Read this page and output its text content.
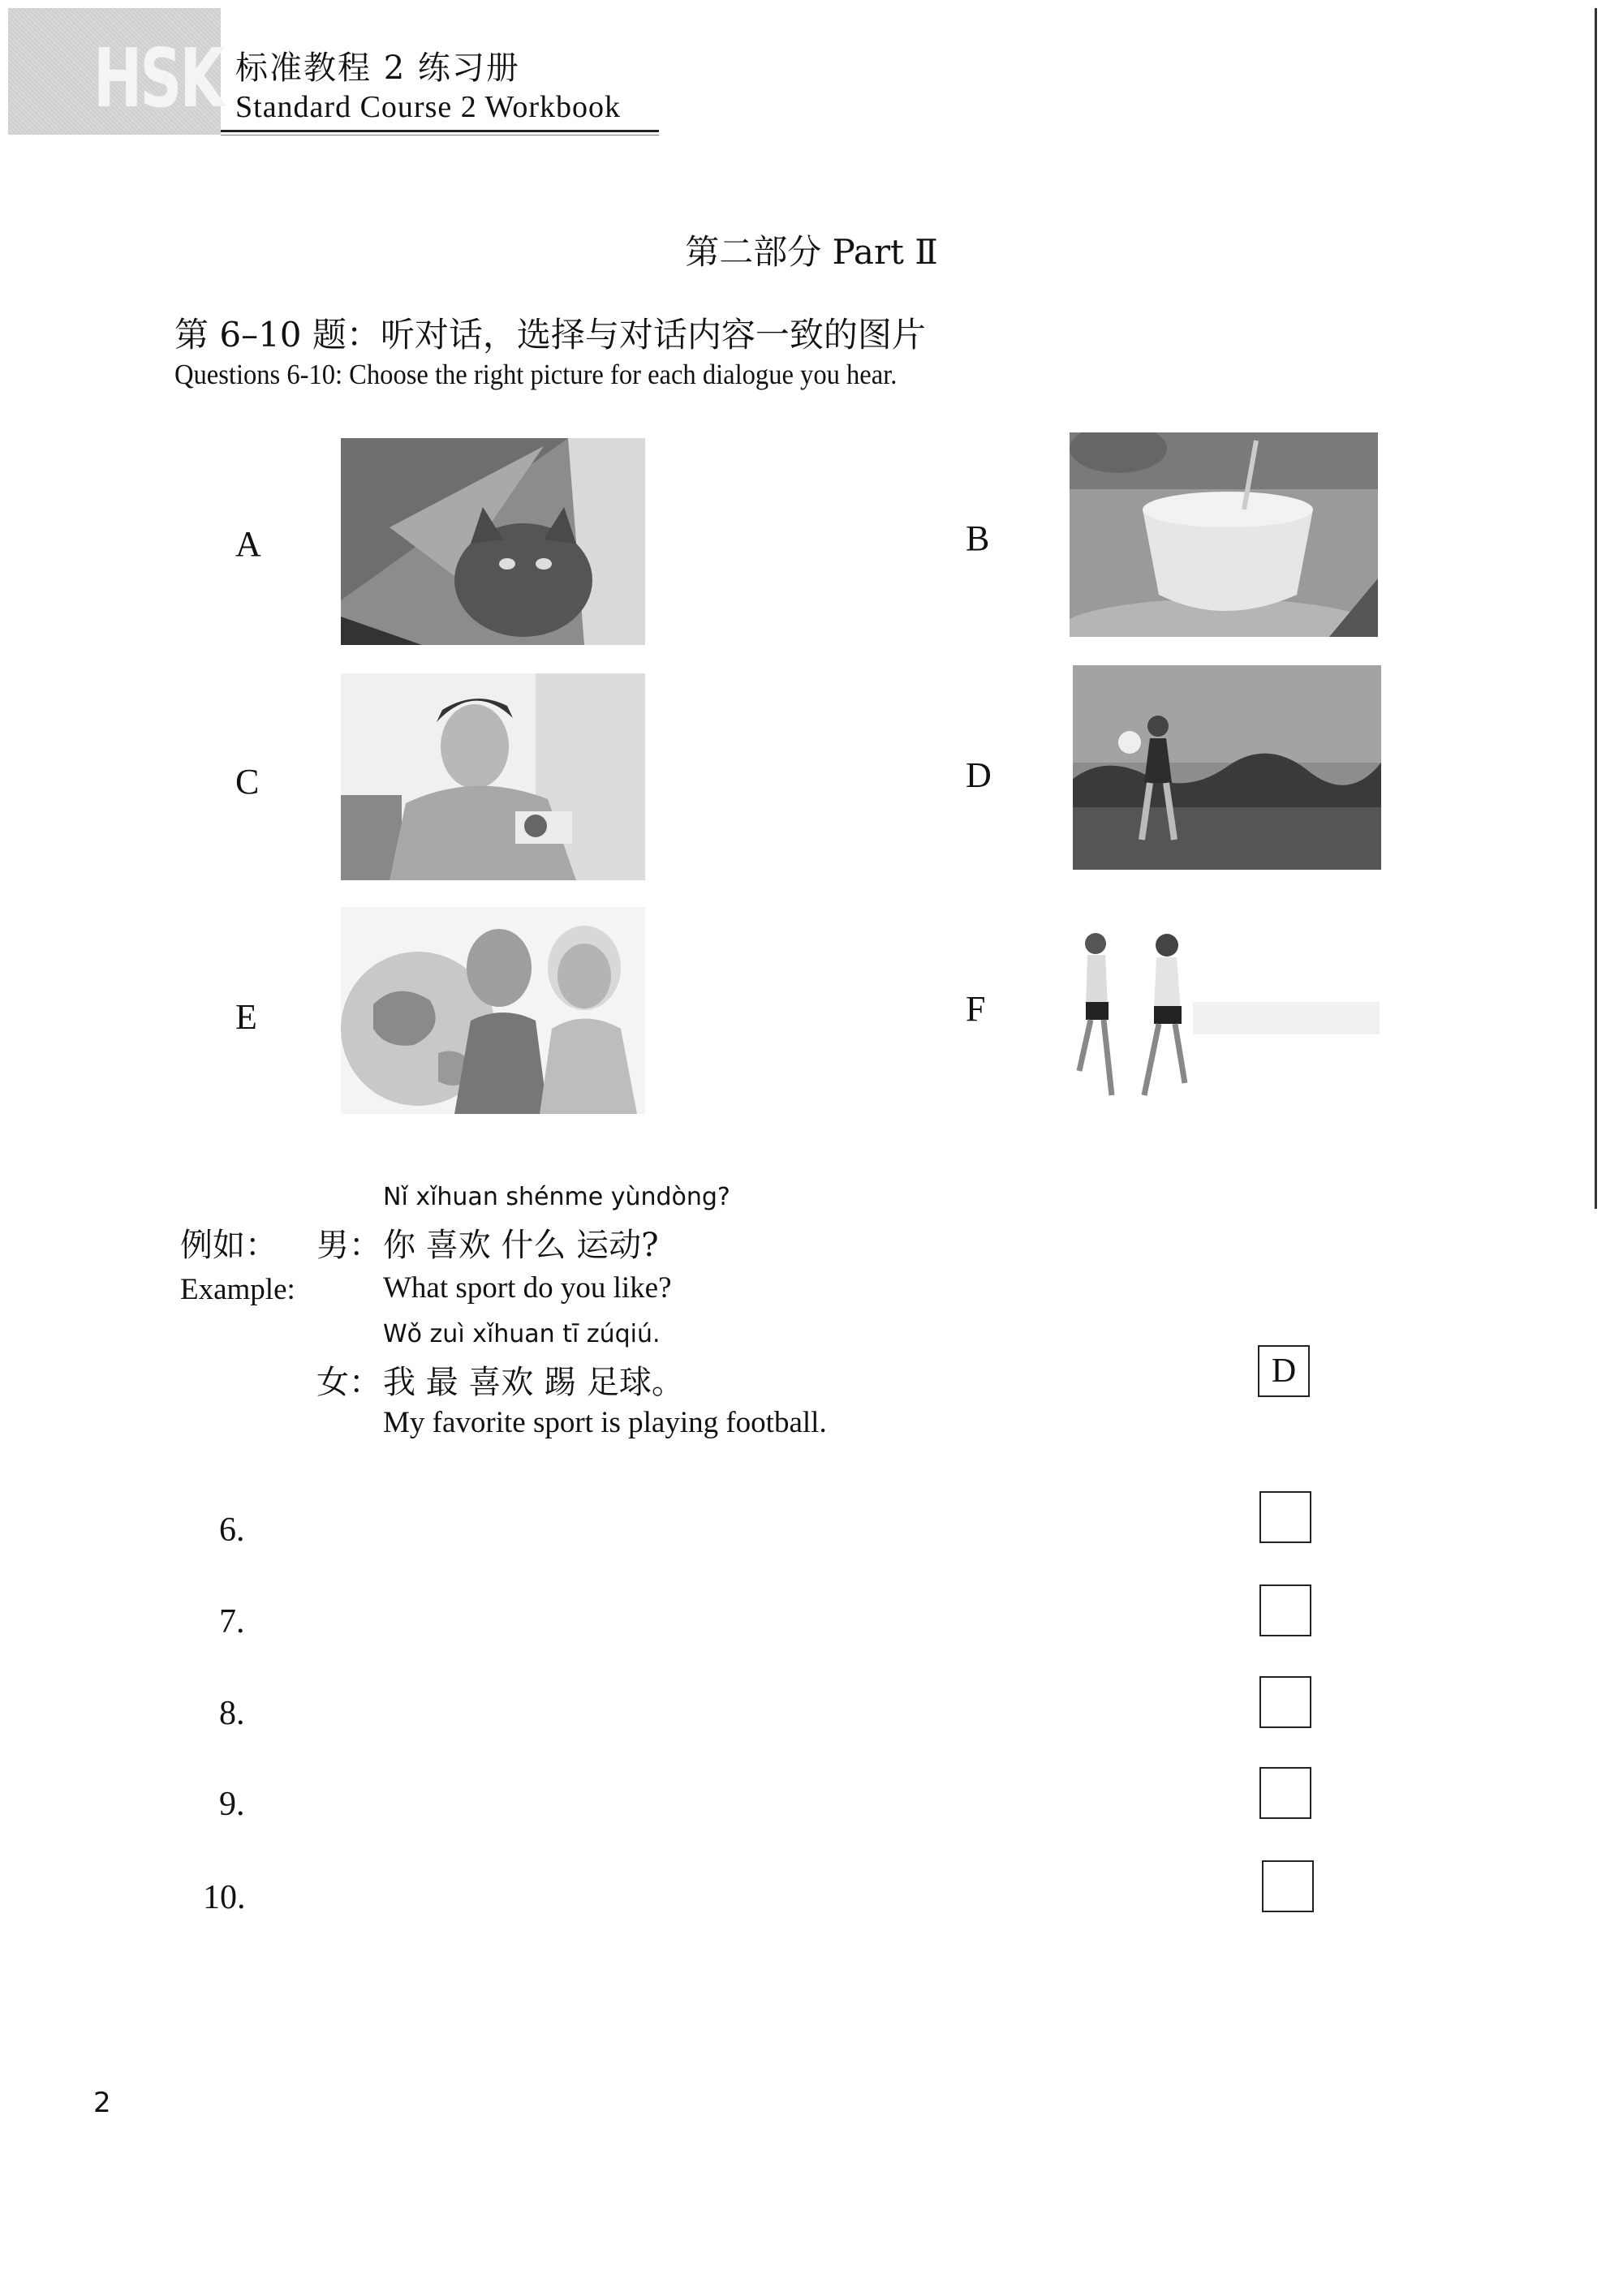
HSK 标准教程 2 练习册
Standard Course 2 Workbook
第二部分 Part Ⅱ
第 6–10 题：听对话，选择与对话内容一致的图片
Questions 6-10: Choose the right picture for each dialogue you hear.
A	B
C	D
E	F
Nǐ xǐhuan shénme yùndòng?
例如： 男： 你 喜欢 什么 运动?
Example:	What sport do you like?
Wǒ zuì xǐhuan tī zúqiú.
女： 我 最 喜欢 踢 足球。
My favorite sport is playing football.
D
6.
7.
8.
9.
10.
2
